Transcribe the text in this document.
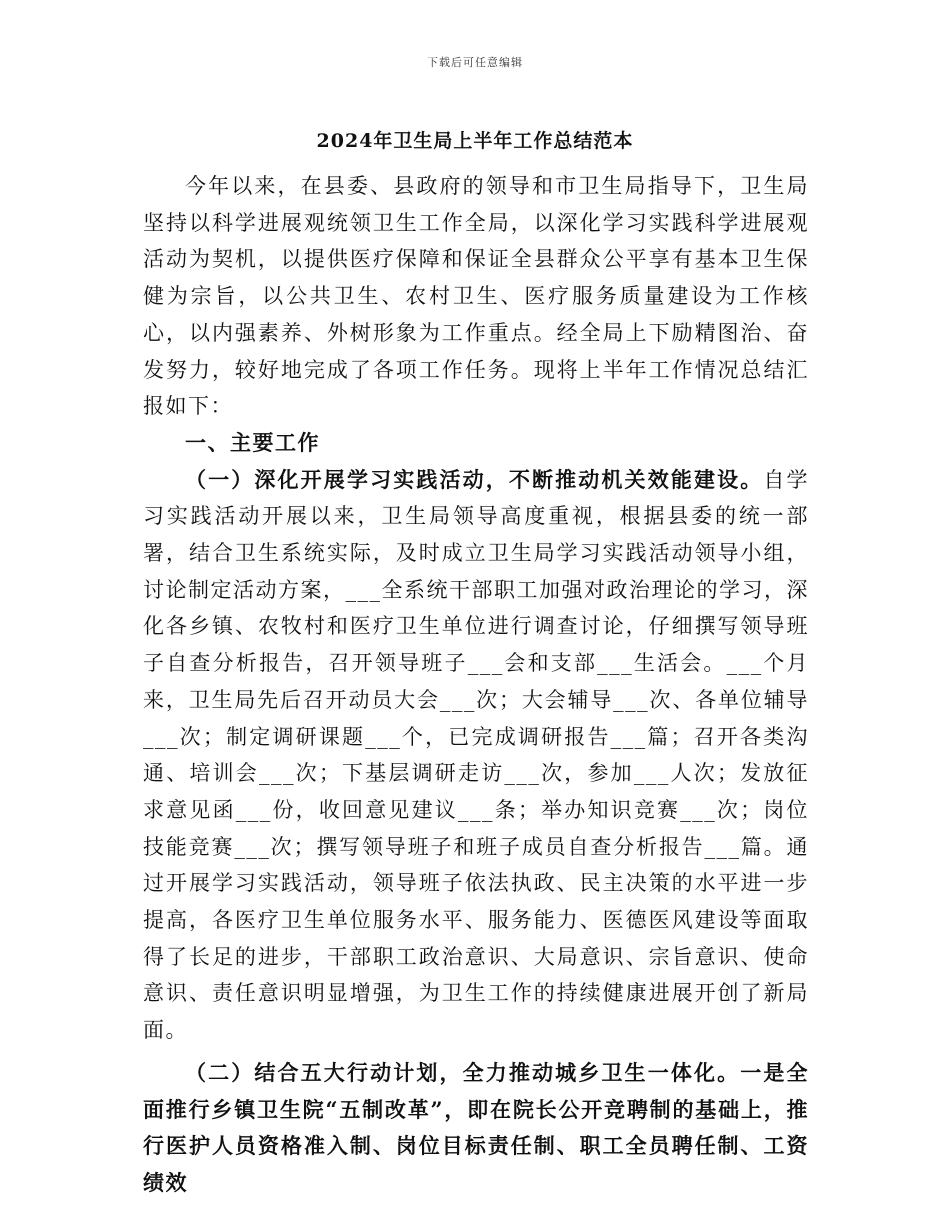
下载后可任意编辑
2024年卫生局上半年工作总结范本

今年以来，在县委、县政府的领导和市卫生局指导下，卫生局坚持以科学进展观统领卫生工作全局，以深化学习实践科学进展观活动为契机，以提供医疗保障和保证全县群众公平享有基本卫生保健为宗旨，以公共卫生、农村卫生、医疗服务质量建设为工作核心，以内强素养、外树形象为工作重点。经全局上下励精图治、奋发努力，较好地完成了各项工作任务。现将上半年工作情况总结汇报如下：

一、主要工作

（一）深化开展学习实践活动，不断推动机关效能建设。自学习实践活动开展以来，卫生局领导高度重视，根据县委的统一部署，结合卫生系统实际，及时成立卫生局学习实践活动领导小组，讨论制定活动方案，___全系统干部职工加强对政治理论的学习，深化各乡镇、农牧村和医疗卫生单位进行调查讨论，仔细撰写领导班子自查分析报告，召开领导班子___会和支部___生活会。___个月来，卫生局先后召开动员大会___次；大会辅导___次、各单位辅导___次；制定调研课题___个，已完成调研报告___篇；召开各类沟通、培训会___次；下基层调研走访___次，参加___人次；发放征求意见函___份，收回意见建议___条；举办知识竞赛___次；岗位技能竞赛___次；撰写领导班子和班子成员自查分析报告___篇。通过开展学习实践活动，领导班子依法执政、民主决策的水平进一步提高，各医疗卫生单位服务水平、服务能力、医德医风建设等面取得了长足的进步，干部职工政治意识、大局意识、宗旨意识、使命意识、责任意识明显增强，为卫生工作的持续健康进展开创了新局面。

（二）结合五大行动计划，全力推动城乡卫生一体化。一是全面推行乡镇卫生院“五制改革”，即在院长公开竞聘制的基础上，推行医护人员资格准入制、岗位目标责任制、职工全员聘任制、工资绩效
